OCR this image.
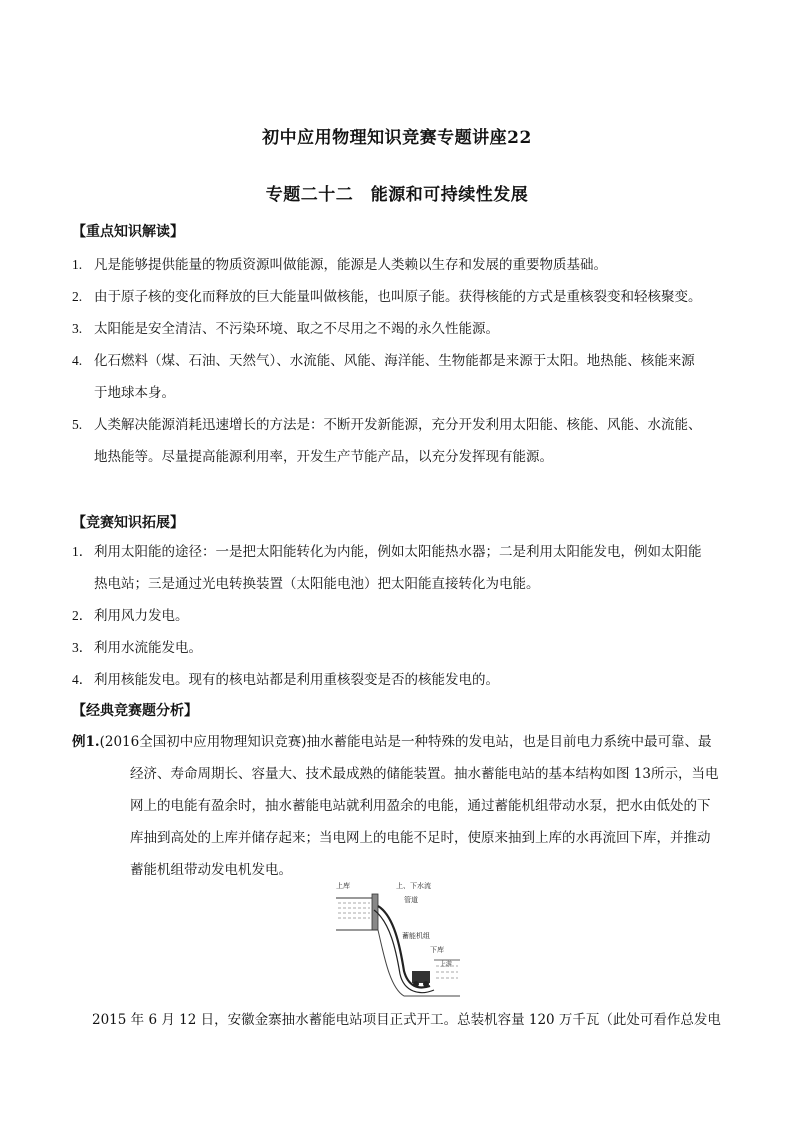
初中应用物理知识竞赛专题讲座22
专题二十二　能源和可持续性发展
【重点知识解读】
1. 凡是能够提供能量的物质资源叫做能源，能源是人类赖以生存和发展的重要物质基础。
2. 由于原子核的变化而释放的巨大能量叫做核能，也叫原子能。获得核能的方式是重核裂变和轻核聚变。
3. 太阳能是安全清洁、不污染环境、取之不尽用之不竭的永久性能源。
4. 化石燃料（煤、石油、天然气）、水流能、风能、海洋能、生物能都是来源于太阳。地热能、核能来源
于地球本身。
5. 人类解决能源消耗迅速增长的方法是：不断开发新能源，充分开发利用太阳能、核能、风能、水流能、
地热能等。尽量提高能源利用率，开发生产节能产品，以充分发挥现有能源。
【竞赛知识拓展】
1． 利用太阳能的途径：一是把太阳能转化为内能，例如太阳能热水器；二是利用太阳能发电，例如太阳能
热电站；三是通过光电转换装置（太阳能电池）把太阳能直接转化为电能。
2． 利用风力发电。
3． 利用水流能发电。
4． 利用核能发电。现有的核电站都是利用重核裂变是否的核能发电的。
【经典竞赛题分析】
例1.(2016全国初中应用物理知识竞赛)抽水蓄能电站是一种特殊的发电站，也是目前电力系统中最可靠、最
经济、寿命周期长、容量大、技术最成熟的储能装置。抽水蓄能电站的基本结构如图 13所示，当电
网上的电能有盈余时，抽水蓄能电站就利用盈余的电能，通过蓄能机组带动水泵，把水由低处的下
库抽到高处的上库并储存起来；当电网上的电能不足时，使原来抽到上库的水再流回下库，并推动
蓄能机组带动发电机发电。
上库	上、下水流
管道
蓄能机组
下库
上游
2015 年 6 月 12 日，安徽金寨抽水蓄能电站项目正式开工。总装机容量 120 万千瓦（此处可看作总发电
